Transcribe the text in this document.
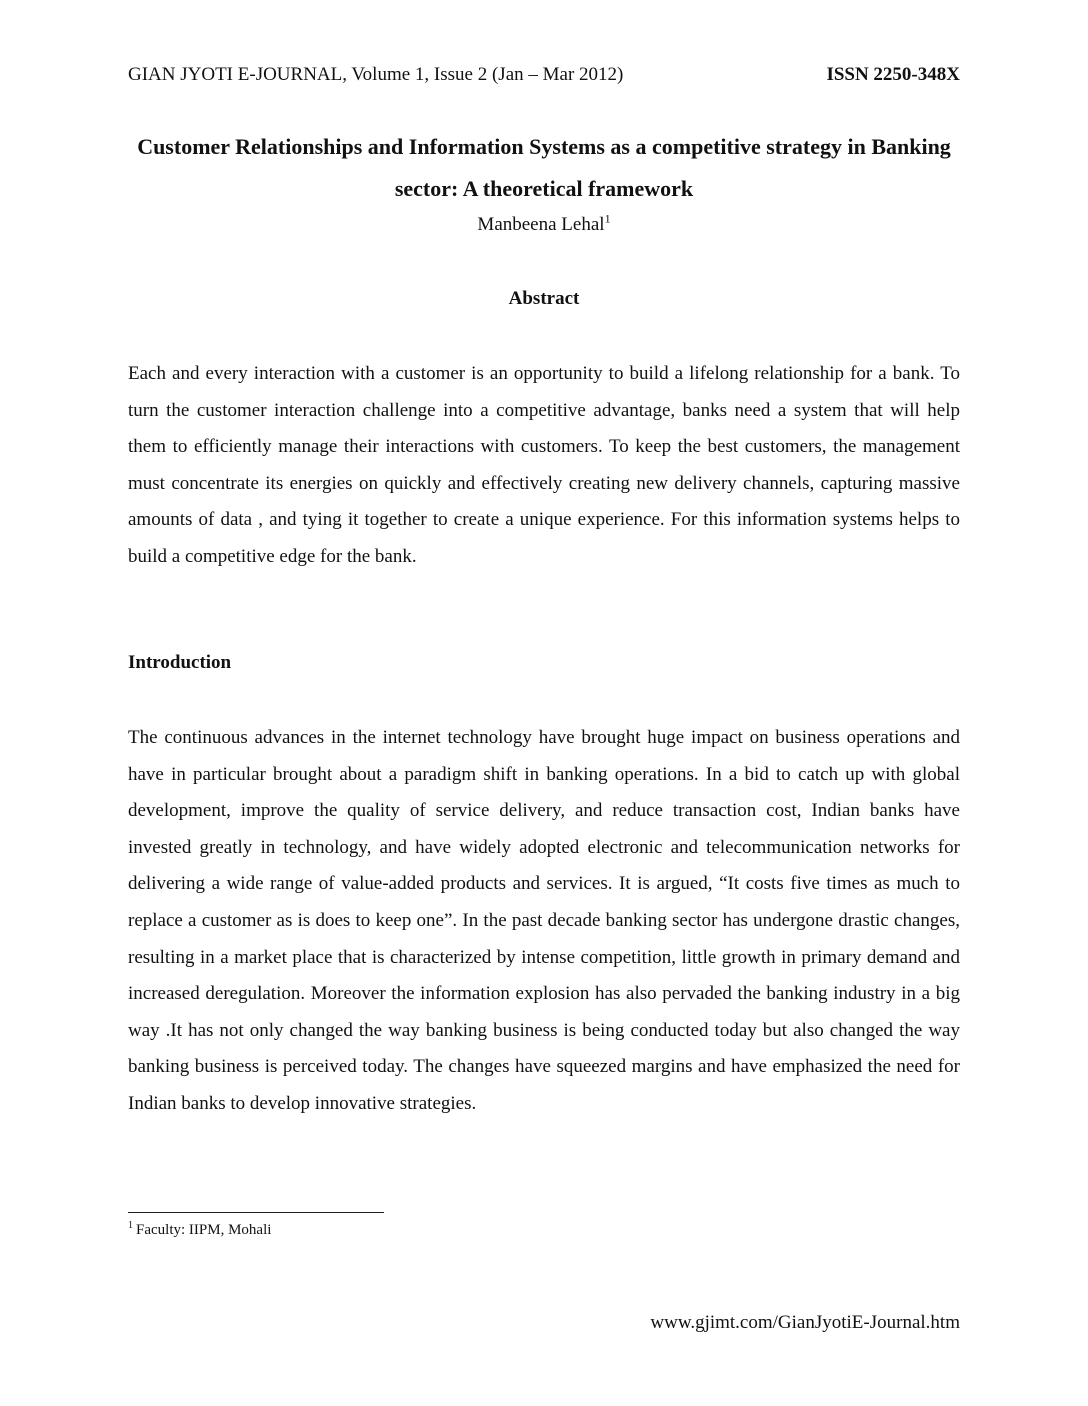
GIAN JYOTI E-JOURNAL, Volume 1, Issue 2 (Jan – Mar 2012)	ISSN 2250-348X
Customer Relationships and Information Systems as a competitive strategy in Banking sector: A theoretical framework
Manbeena Lehal$^1$
Abstract

Each and every interaction with a customer is an opportunity to build a lifelong relationship for a bank. To turn the customer interaction challenge into a competitive advantage, banks need a system that will help them to efficiently manage their interactions with customers. To keep the best customers, the management must concentrate its energies on quickly and effectively creating new delivery channels, capturing massive amounts of data , and tying it together to create a unique experience. For this information systems helps to build a competitive edge for the bank.

Introduction

The continuous advances in the internet technology have brought huge impact on business operations and have in particular brought about a paradigm shift in banking operations. In a bid to catch up with global development, improve the quality of service delivery, and reduce transaction cost, Indian banks have invested greatly in technology, and have widely adopted electronic and telecommunication networks for delivering a wide range of value-added products and services. It is argued, “It costs five times as much to replace a customer as is does to keep one”. In the past decade banking sector has undergone drastic changes, resulting in a market place that is characterized by intense competition, little growth in primary demand and increased deregulation. Moreover the information explosion has also pervaded the banking industry in a big way .It has not only changed the way banking business is being conducted today but also changed the way banking business is perceived today. The changes have squeezed margins and have emphasized the need for Indian banks to develop innovative strategies.

$^1$ Faculty: IIPM, Mohali
www.gjimt.com/GianJyotiE-Journal.htm
